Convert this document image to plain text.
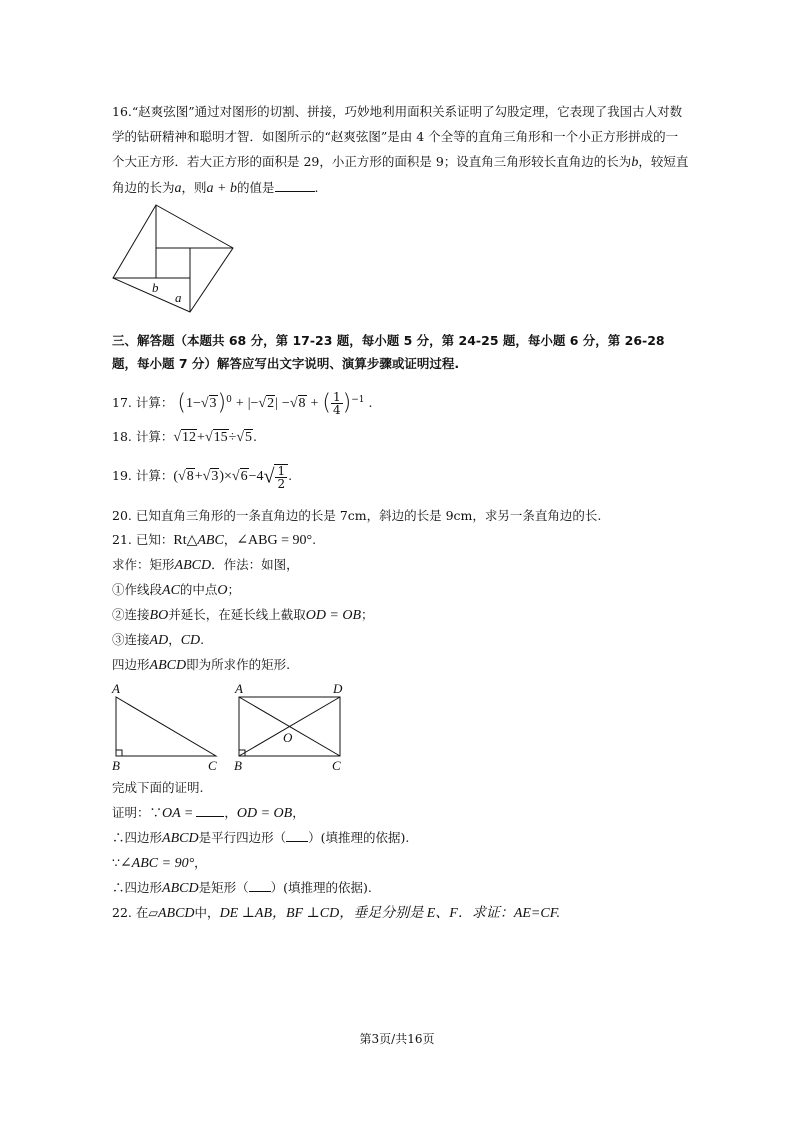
16.“赵爽弦图”通过对图形的切割、拼接，巧妙地利用面积关系证明了勾股定理，它表现了我国古人对数
学的钻研精神和聪明才智．如图所示的“赵爽弦图”是由 4 个全等的直角三角形和一个小正方形拼成的一
个大正方形．若大正方形的面积是 29，小正方形的面积是 9；设直角三角形较长直角边的长为b，较短直
角边的长为a，则a + b的值是	.
b
a
三、解答题（本题共 68 分，第 17-23 题，每小题 5 分，第 24-25 题，每小题 6 分，第 26-28
题，每小题 7 分）解答应写出文字说明、演算步骤或证明过程.
17. 计算： $(1-√3)^0 + |-√2| -√8$ + ( $\frac{1}{4} )^{-1}$ .
18. 计算：√12+√15÷√5.
19. 计算：$(√8+√3)\times√6-4√ \frac{1}{2}$ .
20. 已知直角三角形的一条直角边的长是 7cm，斜边的长是 9cm，求另一条直角边的长.
21. 已知：Rt△ABC，∠ABG = 90°.
求作：矩形ABCD．作法：如图，
①作线段AC的中点O；
②连接BO并延长，在延长线上截取OD = OB；
③连接AD，CD.
四边形ABCD即为所求作的矩形.
A
B	C
A	D
O
B	C
完成下面的证明.
证明：∵OA = ，OD = OB，
∴四边形ABCD是平行四边形（ ）(填推理的依据).
∵∠ABC = 90°，
∴四边形ABCD是矩形（ ）(填推理的依据).
22. 在▱ABCD中，DE ⊥AB，BF ⊥CD，垂足分别是 E、F．求证：AE=CF.
第3页/共16页
